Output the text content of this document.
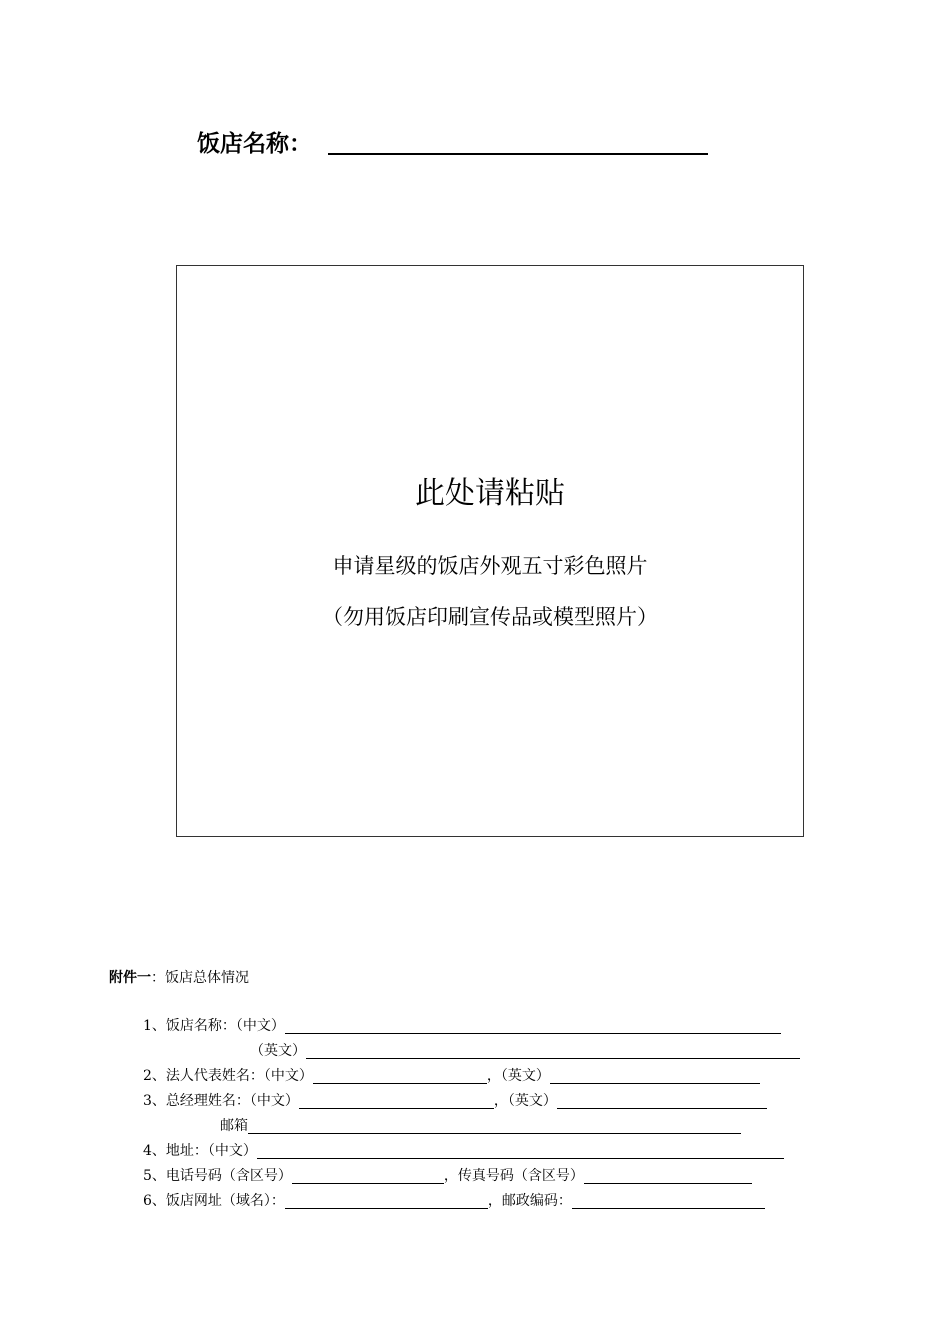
饭店名称：
此处请粘贴
申请星级的饭店外观五寸彩色照片
（勿用饭店印刷宣传品或模型照片）
附件一：饭店总体情况
1、饭店名称：（中文）
（英文）
2、法人代表姓名：（中文）	，（英文）
3、总经理姓名：（中文）	，（英文）
邮箱
4、地址：（中文）
5、电话号码（含区号）	，传真号码（含区号）
6、饭店网址（域名）：	，邮政编码：
